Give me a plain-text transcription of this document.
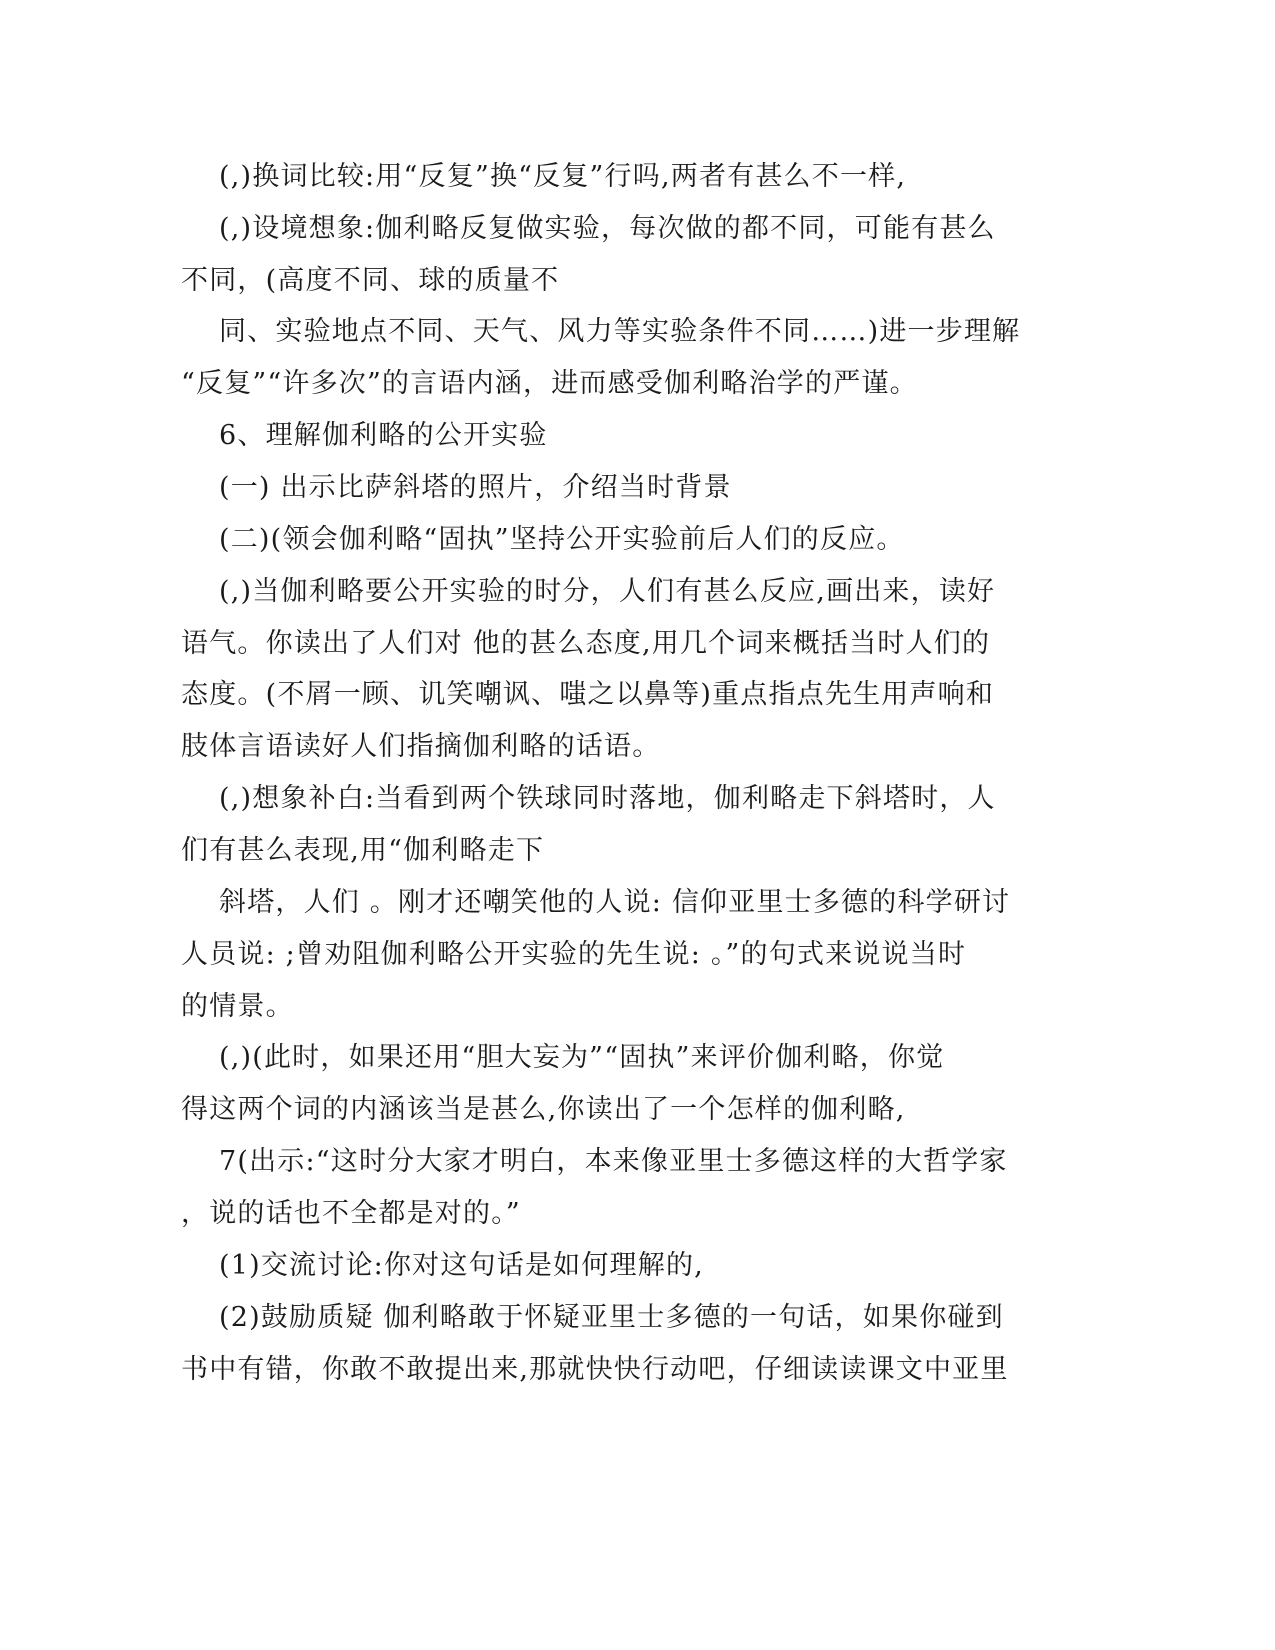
(,)换词比较:用“反复”换“反复”行吗,两者有甚么不一样,
(,)设境想象:伽利略反复做实验，每次做的都不同，可能有甚么
不同，(高度不同、球的质量不
同、实验地点不同、天气、风力等实验条件不同……)进一步理解
“反复”“许多次”的言语内涵，进而感受伽利略治学的严谨。
6、理解伽利略的公开实验
(一) 出示比萨斜塔的照片，介绍当时背景
(二)(领会伽利略“固执”坚持公开实验前后人们的反应。
(,)当伽利略要公开实验的时分，人们有甚么反应,画出来，读好
语气。你读出了人们对 他的甚么态度,用几个词来概括当时人们的
态度。(不屑一顾、讥笑嘲讽、嗤之以鼻等)重点指点先生用声响和
肢体言语读好人们指摘伽利略的话语。
(,)想象补白:当看到两个铁球同时落地，伽利略走下斜塔时，人
们有甚么表现,用“伽利略走下
斜塔，人们 。刚才还嘲笑他的人说: 信仰亚里士多德的科学研讨
人员说: ;曾劝阻伽利略公开实验的先生说: 。”的句式来说说当时
的情景。
(,)(此时，如果还用“胆大妄为”“固执”来评价伽利略，你觉
得这两个词的内涵该当是甚么,你读出了一个怎样的伽利略,
7(出示:“这时分大家才明白，本来像亚里士多德这样的大哲学家
，说的话也不全都是对的。”
(1)交流讨论:你对这句话是如何理解的,
(2)鼓励质疑 伽利略敢于怀疑亚里士多德的一句话，如果你碰到
书中有错，你敢不敢提出来,那就快快行动吧，仔细读读课文中亚里
